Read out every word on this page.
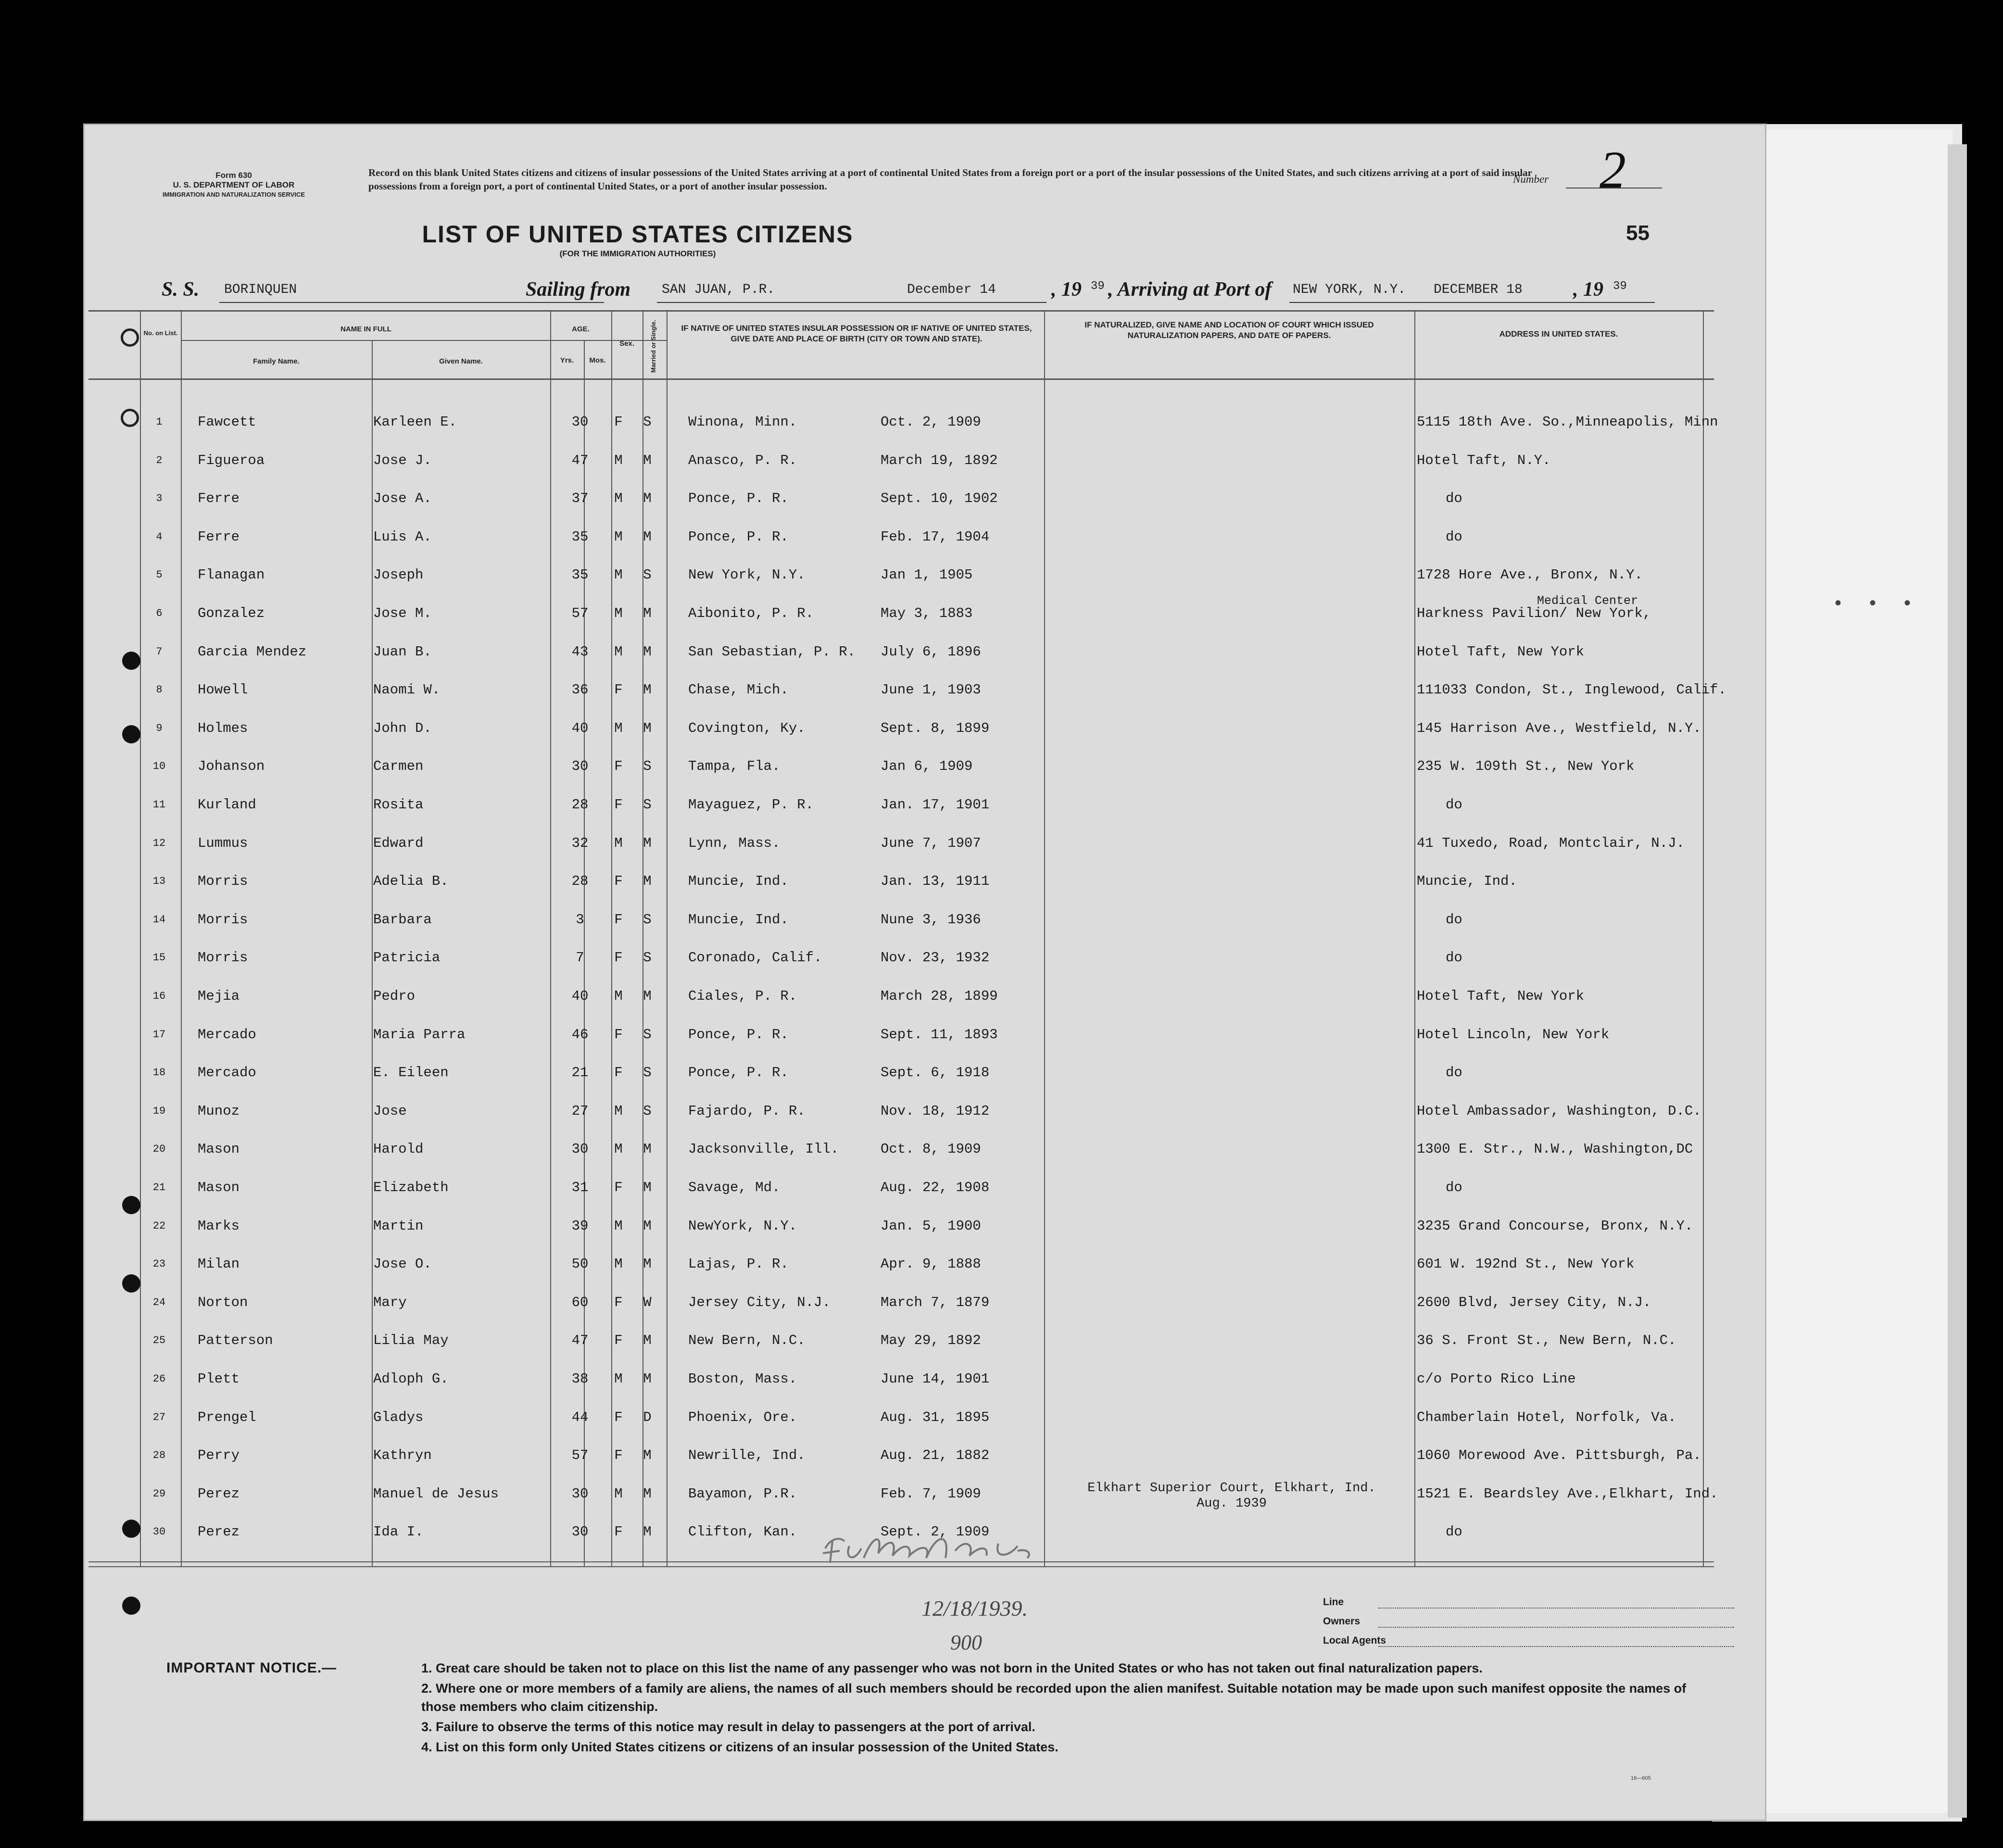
• • •
Form 630
U. S. DEPARTMENT OF LABOR
IMMIGRATION AND NATURALIZATION SERVICE
Record on this blank United States citizens and citizens of insular possessions of the United States arriving at a port of continental United States from a foreign port or a port of the insular possessions of the United States, and such citizens arriving at a port of said insular possessions from a foreign port, a port of continental United States, or a port of another insular possession.
Number 2
LIST OF UNITED STATES CITIZENS
(FOR THE IMMIGRATION AUTHORITIES)
55
S. S. BORINQUEN	Sailing from SAN JUAN, P.R.	December 14	, 19 39 , Arriving at Port of NEW YORK, N.Y. DECEMBER 18	, 19 39
No. on List.	NAME IN FULL
Family Name.	Given Name.
AGE.
Yrs.	Mos.
Sex.	Married or Single.	IF NATIVE OF UNITED STATES INSULAR POSSESSION OR IF NATIVE OF UNITED STATES, GIVE DATE AND PLACE OF BIRTH (CITY OR TOWN AND STATE).
IF NATURALIZED, GIVE NAME AND LOCATION OF COURT WHICH ISSUED NATURALIZATION PAPERS, AND DATE OF PAPERS.	ADDRESS IN UNITED STATES.
1	Fawcett	Karleen E.	30	F	S	Winona, Minn.	Oct. 2, 1909	5115 18th Ave. So.,Minneapolis, Minn
2	Figueroa	Jose J.	47	M	M	Anasco, P. R.	March 19, 1892	Hotel Taft, N.Y.
3	Ferre	Jose A.	37	M	M	Ponce, P. R.	Sept. 10, 1902	do
4	Ferre	Luis A.	35	M	M	Ponce, P. R.	Feb. 17, 1904	do
5	Flanagan	Joseph	35	M	S	New York, N.Y.	Jan 1, 1905	1728 Hore Ave., Bronx, N.Y.
6	Gonzalez	Jose M.	57	M	M	Aibonito, P. R.	May 3, 1883	Harkness Pavilion/ New York,
Medical Center
7	Garcia Mendez	Juan B.	43	M	M	San Sebastian, P. R. July 6, 1896	Hotel Taft, New York
8	Howell	Naomi W.	36	F	M	Chase, Mich.	June 1, 1903	111033 Condon, St., Inglewood, Calif.
9	Holmes	John D.	40	M	M	Covington, Ky.	Sept. 8, 1899	145 Harrison Ave., Westfield, N.Y.
10	Johanson	Carmen	30	F	S	Tampa, Fla.	Jan 6, 1909	235 W. 109th St., New York
11	Kurland	Rosita	28	F	S	Mayaguez, P. R.	Jan. 17, 1901	do
12	Lummus	Edward	32	M	M	Lynn, Mass.	June 7, 1907	41 Tuxedo, Road, Montclair, N.J.
13	Morris	Adelia B.	28	F	M	Muncie, Ind.	Jan. 13, 1911	Muncie, Ind.
14	Morris	Barbara	3	F	S	Muncie, Ind.	Nune 3, 1936	do
15	Morris	Patricia	7	F	S	Coronado, Calif.	Nov. 23, 1932	do
16	Mejia	Pedro	40	M	M	Ciales, P. R.	March 28, 1899	Hotel Taft, New York
17	Mercado	Maria Parra	46	F	S	Ponce, P. R.	Sept. 11, 1893	Hotel Lincoln, New York
18	Mercado	E. Eileen	21	F	S	Ponce, P. R.	Sept. 6, 1918	do
19	Munoz	Jose	27	M	S	Fajardo, P. R.	Nov. 18, 1912	Hotel Ambassador, Washington, D.C.
20	Mason	Harold	30	M	M	Jacksonville, Ill.	Oct. 8, 1909	1300 E. Str., N.W., Washington,DC
21	Mason	Elizabeth	31	F	M	Savage, Md.	Aug. 22, 1908	do
22	Marks	Martin	39	M	M	NewYork, N.Y.	Jan. 5, 1900	3235 Grand Concourse, Bronx, N.Y.
23	Milan	Jose O.	50	M	M	Lajas, P. R.	Apr. 9, 1888	601 W. 192nd St., New York
24	Norton	Mary	60	F	W	Jersey City, N.J.	March 7, 1879	2600 Blvd, Jersey City, N.J.
25	Patterson	Lilia May	47	F	M	New Bern, N.C.	May 29, 1892	36 S. Front St., New Bern, N.C.
26	Plett	Adloph G.	38	M	M	Boston, Mass.	June 14, 1901	c/o Porto Rico Line
27	Prengel	Gladys	44	F	D	Phoenix, Ore.	Aug. 31, 1895	Chamberlain Hotel, Norfolk, Va.
28	Perry	Kathryn	57	F	M	Newrille, Ind.	Aug. 21, 1882	1060 Morewood Ave. Pittsburgh, Pa.
29	Perez	Manuel de Jesus	30	M	M	Bayamon, P.R.	Feb. 7, 1909	Elkhart Superior Court, Elkhart, Ind.	1521 E. Beardsley Ave.,Elkhart, Ind.
Aug. 1939
30	Perez	Ida I.	30	F	M	Clifton, Kan.	Sept. 2, 1909	do
12/18/1939.
900
Line
Owners
Local Agents
IMPORTANT NOTICE.—	1. Great care should be taken not to place on this list the name of any passenger who was not born in the United States or who has not taken out final naturalization papers.
2. Where one or more members of a family are aliens, the names of all such members should be recorded upon the alien manifest. Suitable notation may be made upon such manifest opposite the names of those members who claim citizenship.
3. Failure to observe the terms of this notice may result in delay to passengers at the port of arrival.
4. List on this form only United States citizens or citizens of an insular possession of the United States.
16—605
